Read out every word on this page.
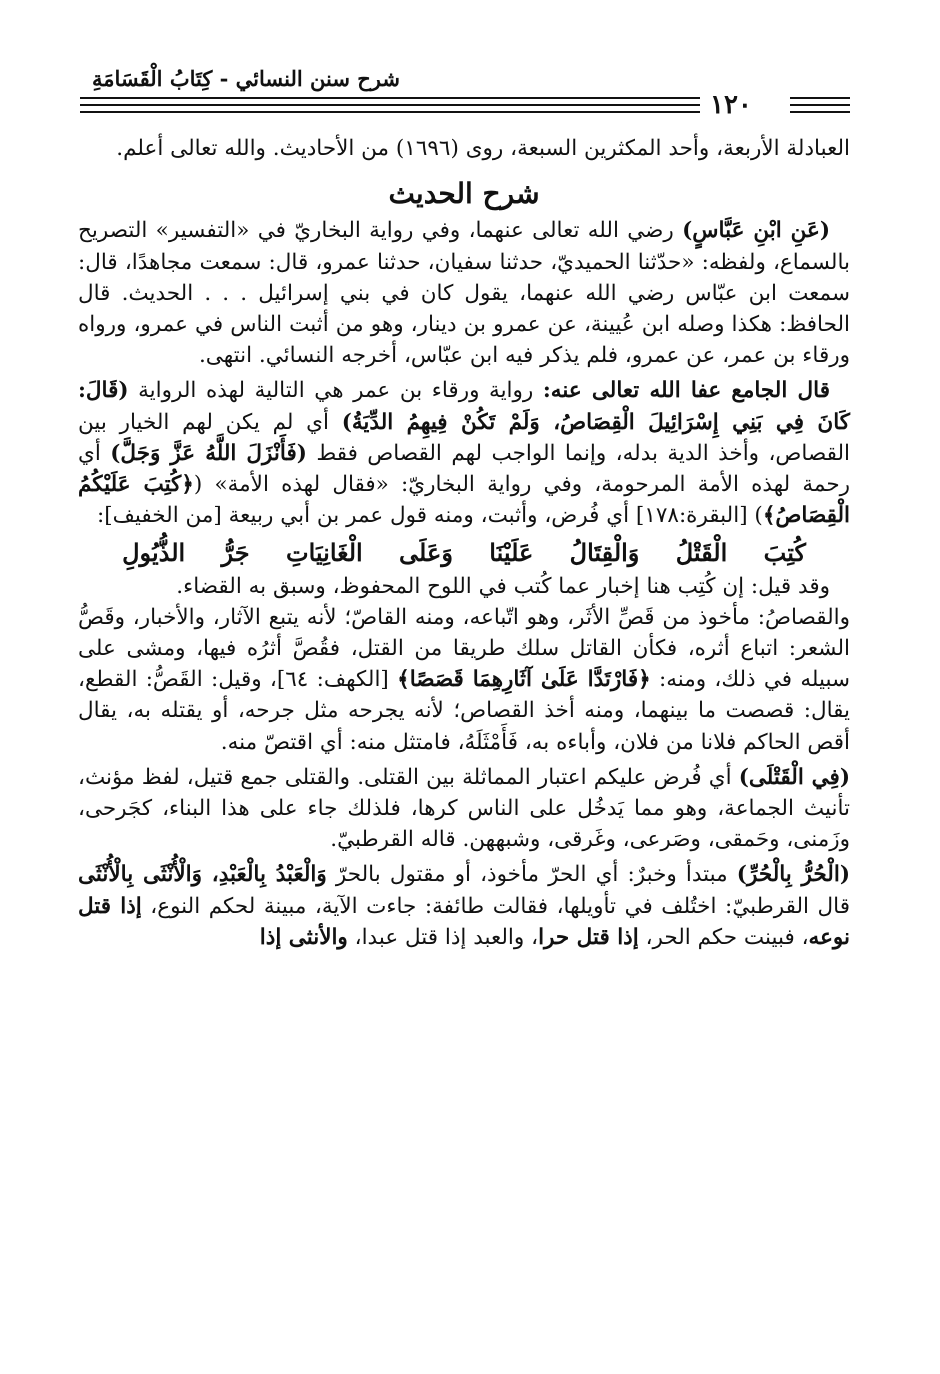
شرح سنن النسائي - كِتَابُ الْقَسَامَةِ
١٢٠

العبادلة الأربعة، وأحد المكثرين السبعة، روى (١٦٩٦) من الأحاديث. والله تعالى أعلم.

شرح الحديث

(عَنِ ابْنِ عَبَّاسٍ) رضي الله تعالى عنهما، وفي رواية البخاريّ في «التفسير» التصريح بالسماع، ولفظه: «حدّثنا الحميديّ، حدثنا سفيان، حدثنا عمرو، قال: سمعت مجاهدًا، قال: سمعت ابن عبّاس رضي الله عنهما، يقول كان في بني إسرائيل . . . الحديث. قال الحافظ: هكذا وصله ابن عُيينة، عن عمرو بن دينار، وهو من أثبت الناس في عمرو، ورواه ورقاء بن عمر، عن عمرو، فلم يذكر فيه ابن عبّاس، أخرجه النسائي. انتهى.

قال الجامع عفا الله تعالى عنه: رواية ورقاء بن عمر هي التالية لهذه الرواية (قَالَ: كَانَ فِي بَنِي إِسْرَائِيلَ الْقِصَاصُ، وَلَمْ تَكُنْ فِيهِمُ الدِّيَةُ) أي لم يكن لهم الخيار بين القصاص، وأخذ الدية بدله، وإنما الواجب لهم القصاص فقط (فَأَنْزَلَ اللَّهُ عَزَّ وَجَلَّ) أي رحمة لهذه الأمة المرحومة، وفي رواية البخاريّ: «فقال لهذه الأمة» (﴿كُتِبَ عَلَيْكُمُ الْقِصَاصُ﴾) [البقرة:١٧٨] أي فُرض، وأثبت، ومنه قول عمر بن أبي ربيعة [من الخفيف]:

كُتِبَ الْقَتْلُ وَالْقِتَالُ عَلَيْنَا وَعَلَى الْغَانِيَاتِ جَرُّ الذُّيُولِ

وقد قيل: إن كُتِب هنا إخبار عما كُتب في اللوح المحفوظ، وسبق به القضاء.

والقصاصُ: مأخوذ من قَصِّ الأثَر، وهو اتّباعه، ومنه القاصّ؛ لأنه يتبع الآثار، والأخبار، وقَصُّ الشعر: اتباع أثره، فكأن القاتل سلك طريقا من القتل، فقُصَّ أثرُه فيها، ومشى على سبيله في ذلك، ومنه: ﴿فَارْتَدَّا عَلَىٰ آثَارِهِمَا قَصَصًا﴾ [الكهف: ٦٤]، وقيل: القَصُّ: القطع، يقال: قصصت ما بينهما، ومنه أخذ القصاص؛ لأنه يجرحه مثل جرحه، أو يقتله به، يقال أقص الحاكم فلانا من فلان، وأباءه به، فَأَمْثَلَهُ، فامتثل منه: أي اقتصّ منه.

(فِي الْقَتْلَى) أي فُرض عليكم اعتبار المماثلة بين القتلى. والقتلى جمع قتيل، لفظ مؤنث، تأنيث الجماعة، وهو مما يَدخُل على الناس كرها، فلذلك جاء على هذا البناء، كجَرحى، وزَمنى، وحَمقى، وصَرعى، وغَرقى، وشبههن. قاله القرطبيّ.

(الْحُرُّ بِالْحُرِّ) مبتدأ وخبرٌ: أي الحرّ مأخوذ، أو مقتول بالحرّ وَالْعَبْدُ بِالْعَبْدِ، وَالْأُنْثَى بِالْأُنْثَى قال القرطبيّ: اختُلف في تأويلها، فقالت طائفة: جاءت الآية، مبينة لحكم النوع، إذا قتل نوعه، فبينت حكم الحر، إذا قتل حرا، والعبد إذا قتل عبدا، والأنثى إذا
